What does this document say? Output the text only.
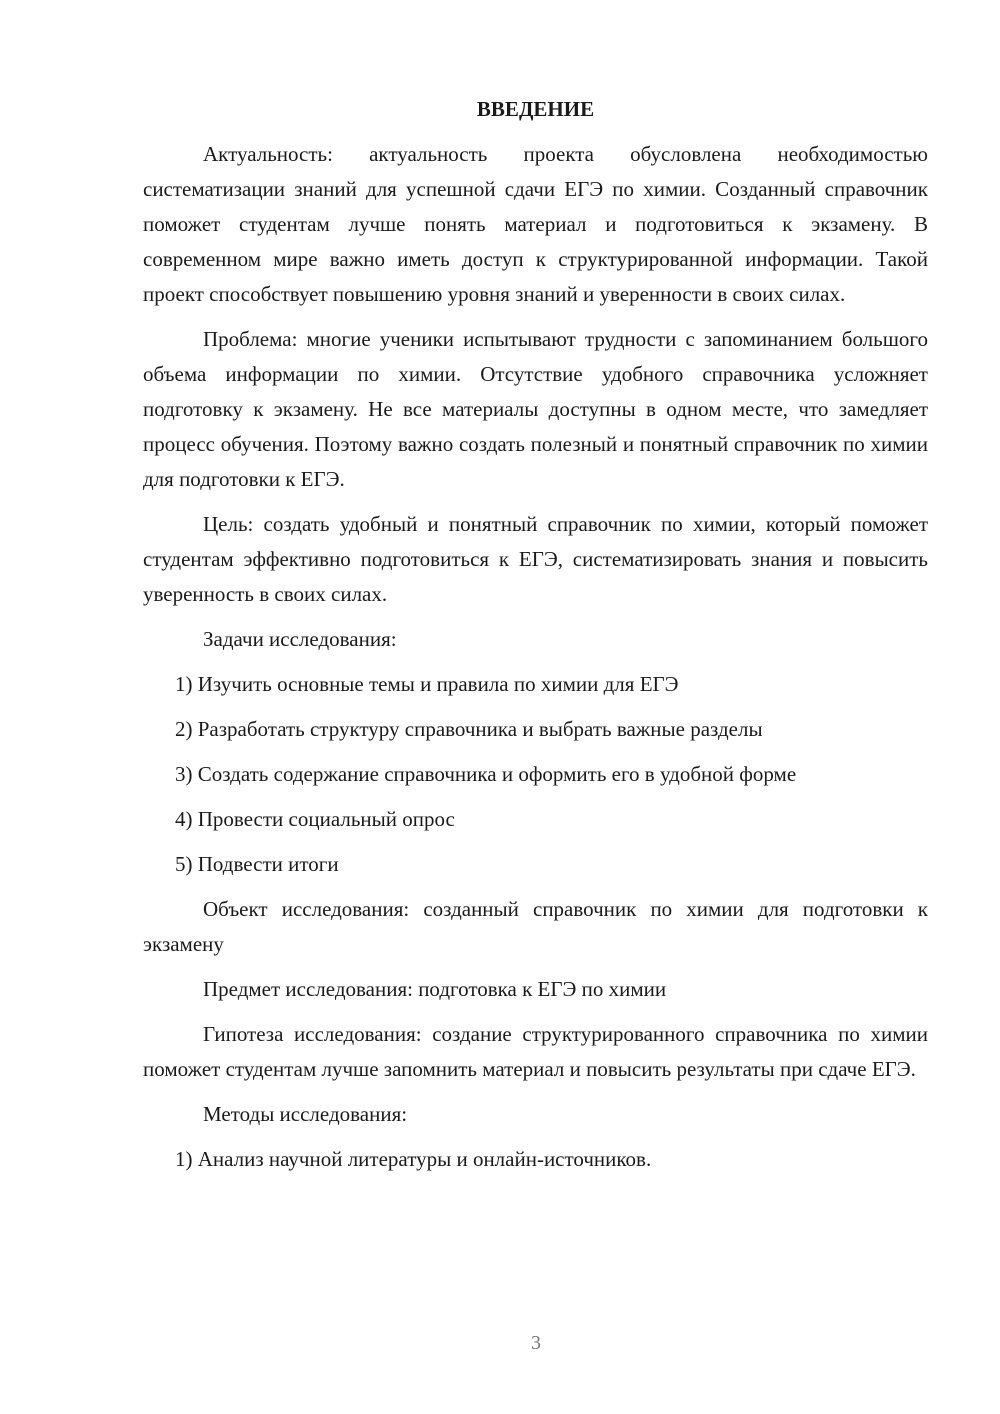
ВВЕДЕНИЕ

Актуальность: актуальность проекта обусловлена необходимостью систематизации знаний для успешной сдачи ЕГЭ по химии. Созданный справочник поможет студентам лучше понять материал и подготовиться к экзамену. В современном мире важно иметь доступ к структурированной информации. Такой проект способствует повышению уровня знаний и уверенности в своих силах.

Проблема: многие ученики испытывают трудности с запоминанием большого объема информации по химии. Отсутствие удобного справочника усложняет подготовку к экзамену. Не все материалы доступны в одном месте, что замедляет процесс обучения. Поэтому важно создать полезный и понятный справочник по химии для подготовки к ЕГЭ.

Цель: создать удобный и понятный справочник по химии, который поможет студентам эффективно подготовиться к ЕГЭ, систематизировать знания и повысить уверенность в своих силах.

Задачи исследования:

1) Изучить основные темы и правила по химии для ЕГЭ
2) Разработать структуру справочника и выбрать важные разделы
3) Создать содержание справочника и оформить его в удобной форме
4) Провести социальный опрос
5) Подвести итоги

Объект исследования: созданный справочник по химии для подготовки к экзамену

Предмет исследования: подготовка к ЕГЭ по химии

Гипотеза исследования: создание структурированного справочника по химии поможет студентам лучше запомнить материал и повысить результаты при сдаче ЕГЭ.

Методы исследования:

1) Анализ научной литературы и онлайн-источников.
3
